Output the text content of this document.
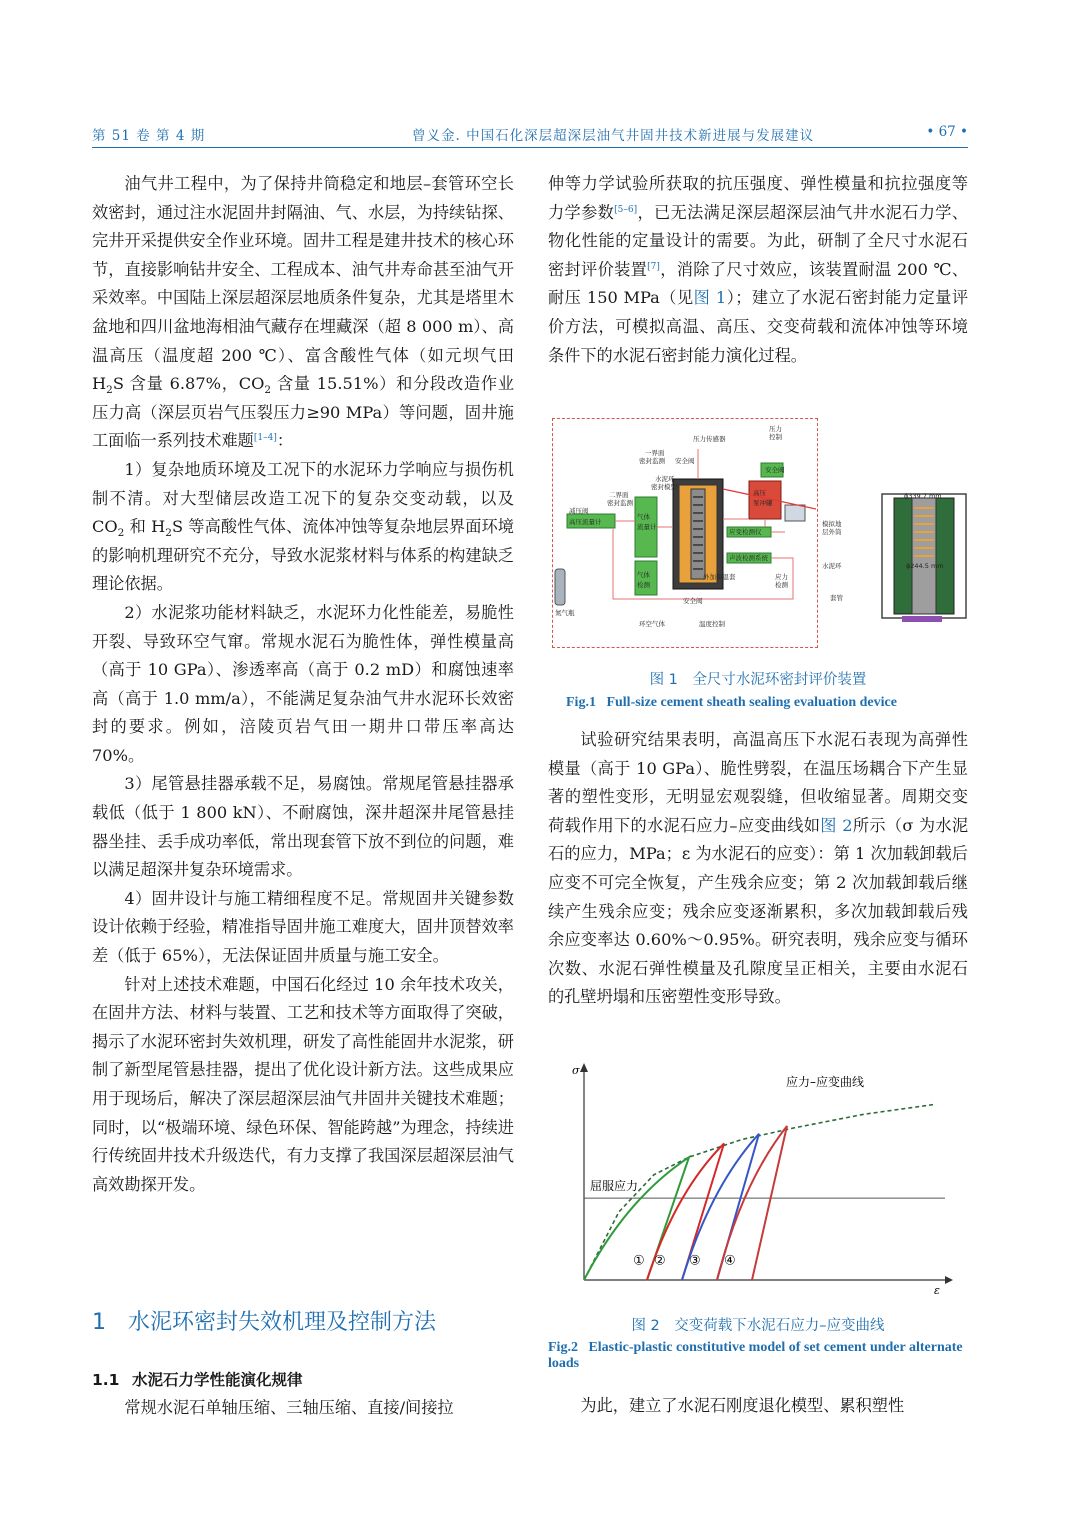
第 51 卷 第 4 期	曾义金. 中国石化深层超深层油气井固井技术新进展与发展建议	• 67 •

油气井工程中，为了保持井筒稳定和地层–套管环空长效密封，通过注水泥固井封隔油、气、水层，为持续钻探、完井开采提供安全作业环境。固井工程是建井技术的核心环节，直接影响钻井安全、工程成本、油气井寿命甚至油气开采效率。中国陆上深层超深层地质条件复杂，尤其是塔里木盆地和四川盆地海相油气藏存在埋藏深（超 8 000 m）、高温高压（温度超 200 ℃）、富含酸性气体（如元坝气田 $H_2S$ 含量 6.87%，$CO_2$ 含量 15.51%）和分段改造作业压力高（深层页岩气压裂压力≥90 MPa）等问题，固井施工面临一系列技术难题[1–4]：

1）复杂地质环境及工况下的水泥环力学响应与损伤机制不清。对大型储层改造工况下的复杂交变动载，以及 $CO_2$ 和 $H_2S$ 等高酸性气体、流体冲蚀等复杂地层界面环境的影响机理研究不充分，导致水泥浆材料与体系的构建缺乏理论依据。

2）水泥浆功能材料缺乏，水泥环力化性能差，易脆性开裂、导致环空气窜。常规水泥石为脆性体，弹性模量高（高于 10 GPa）、渗透率高（高于 0.2 mD）和腐蚀速率高（高于 1.0 mm/a），不能满足复杂油气井水泥环长效密封的要求。例如，涪陵页岩气田一期井口带压率高达 70%。

3）尾管悬挂器承载不足，易腐蚀。常规尾管悬挂器承载低（低于 1 800 kN）、不耐腐蚀，深井超深井尾管悬挂器坐挂、丢手成功率低，常出现套管下放不到位的问题，难以满足超深井复杂环境需求。

4）固井设计与施工精细程度不足。常规固井关键参数设计依赖于经验，精准指导固井施工难度大，固井顶替效率差（低于 65%），无法保证固井质量与施工安全。

针对上述技术难题，中国石化经过 10 余年技术攻关，在固井方法、材料与装置、工艺和技术等方面取得了突破，揭示了水泥环密封失效机理，研发了高性能固井水泥浆，研制了新型尾管悬挂器，提出了优化设计新方法。这些成果应用于现场后，解决了深层超深层油气井固井关键技术难题；同时，以“极端环境、绿色环保、智能跨越”为理念，持续进行传统固井技术升级迭代，有力支撑了我国深层超深层油气高效勘探开发。

1 水泥环密封失效机理及控制方法
1.1 水泥石力学性能演化规律
常规水泥石单轴压缩、三轴压缩、直接/间接拉

伸等力学试验所获取的抗压强度、弹性模量和抗拉强度等力学参数[5–6]，已无法满足深层超深层油气井水泥石力学、物化性能的定量设计的需要。为此，研制了全尺寸水泥石密封评价装置[7]，消除了尺寸效应，该装置耐温 200 ℃、耐压 150 MPa（见图 1）；建立了水泥石密封能力定量评价方法，可模拟高温、高压、交变荷载和流体冲蚀等环境条件下的水泥石密封能力演化过程。

压力传感器
压力
控制
一界面
密封监测 安全阀
水泥环
密封模型
二界面
密封监测
减压阀
高压流量计
气体
流量计
高压
泵冲罐
安全阀
应变检测仪
声波检测系统
气体
检测
外加保温套	应力
检测
安全阀
环空气体	温度控制
氮气瓶
ϕ339.7 mm
ϕ244.5 mm
模拟地
层外筒
水泥环
套管
图 1　全尺寸水泥环密封评价装置
Fig.1 Full-size cement sheath sealing evaluation device

试验研究结果表明，高温高压下水泥石表现为高弹性模量（高于 10 GPa）、脆性劈裂，在温压场耦合下产生显著的塑性变形，无明显宏观裂缝，但收缩显著。周期交变荷载作用下的水泥石应力–应变曲线如图 2所示（σ 为水泥石的应力，MPa；ε 为水泥石的应变）：第 1 次加载卸载后应变不可完全恢复，产生残余应变；第 2 次加载卸载后继续产生残余应变；残余应变逐渐累积，多次加载卸载后残余应变率达 0.60%～0.95%。研究表明，残余应变与循环次数、水泥石弹性模量及孔隙度呈正相关，主要由水泥石的孔壁坍塌和压密塑性变形导致。

σ
ε
屈服应力
应力–应变曲线
① ② ③ ④
图 2　交变荷载下水泥石应力–应变曲线
Fig.2 Elastic-plastic constitutive model of set cement under alternate loads

为此，建立了水泥石刚度退化模型、累积塑性
